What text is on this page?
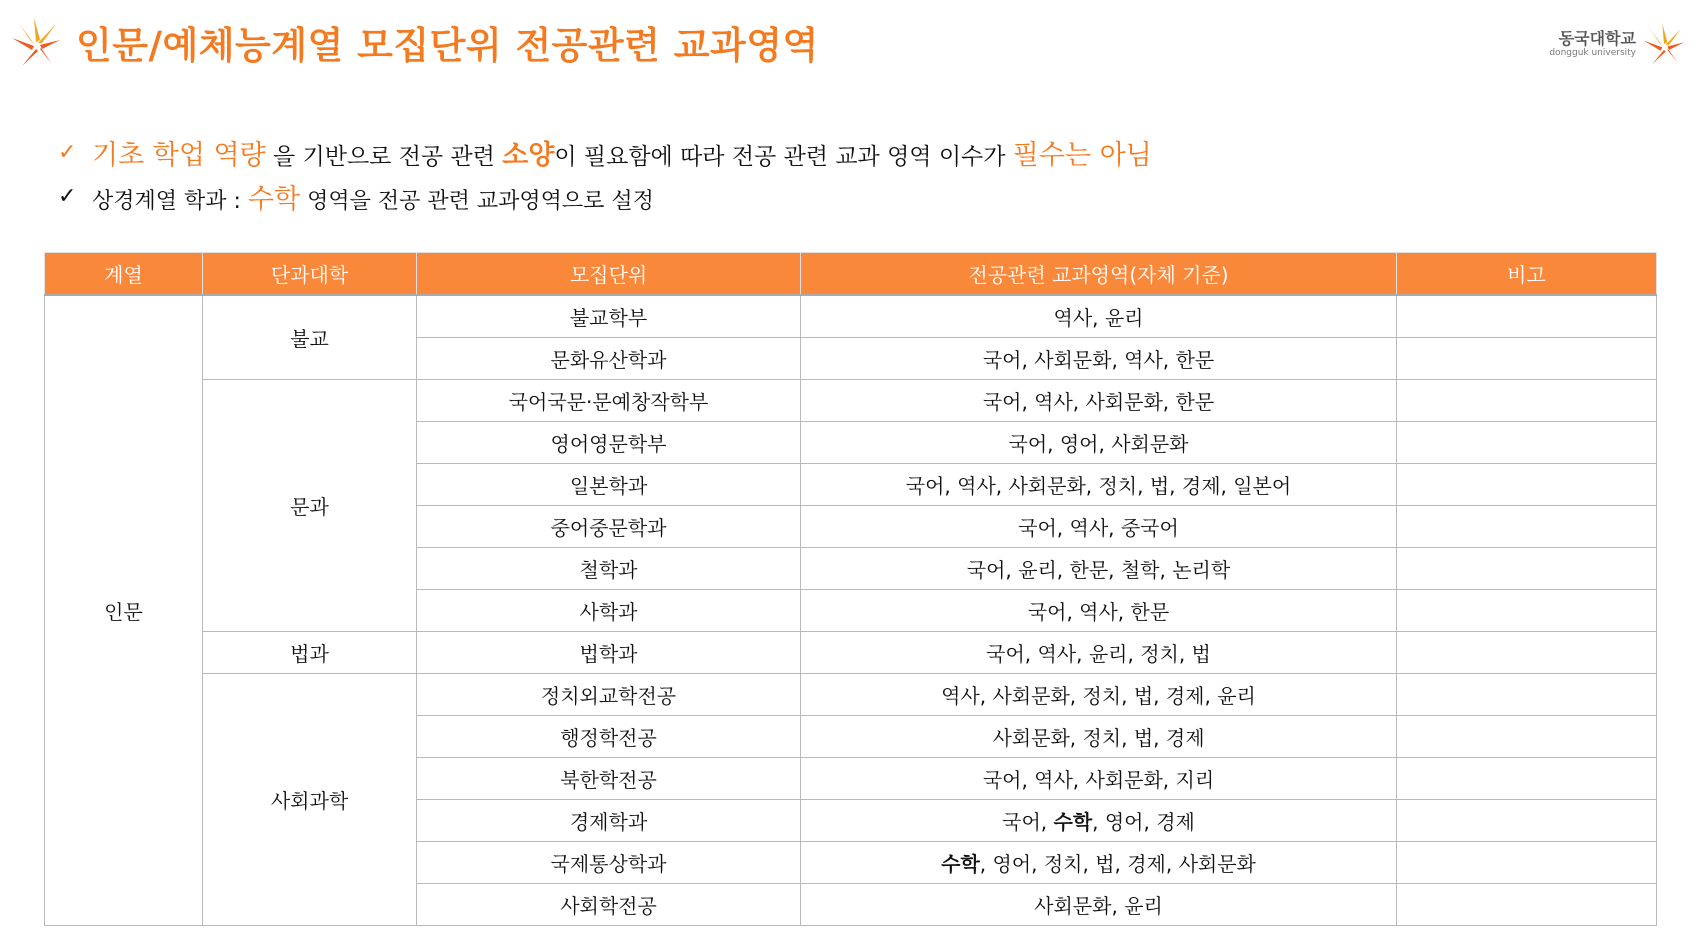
인문/예체능계열 모집단위 전공관련 교과영역	동국대학교
dongguk university
✓ 기초 학업 역량 을 기반으로 전공 관련 소양이 필요함에 따라 전공 관련 교과 영역 이수가 필수는 아님
✓ 상경계열 학과 : 수학 영역을 전공 관련 교과영역으로 설정
계열	단과대학	모집단위	전공관련 교과영역(자체 기준)	비고
인문	불교	불교학부	역사, 윤리	
		문화유산학과	국어, 사회문화, 역사, 한문	
	문과	국어국문·문예창작학부	국어, 역사, 사회문화, 한문	
		영어영문학부	국어, 영어, 사회문화	
		일본학과	국어, 역사, 사회문화, 정치, 법, 경제, 일본어	
		중어중문학과	국어, 역사, 중국어	
		철학과	국어, 윤리, 한문, 철학, 논리학	
		사학과	국어, 역사, 한문	
	법과	법학과	국어, 역사, 윤리, 정치, 법	
	사회과학	정치외교학전공	역사, 사회문화, 정치, 법, 경제, 윤리	
		행정학전공	사회문화, 정치, 법, 경제	
		북한학전공	국어, 역사, 사회문화, 지리	
		경제학과	국어, 수학, 영어, 경제	
		국제통상학과	수학, 영어, 정치, 법, 경제, 사회문화	
		사회학전공	사회문화, 윤리	
